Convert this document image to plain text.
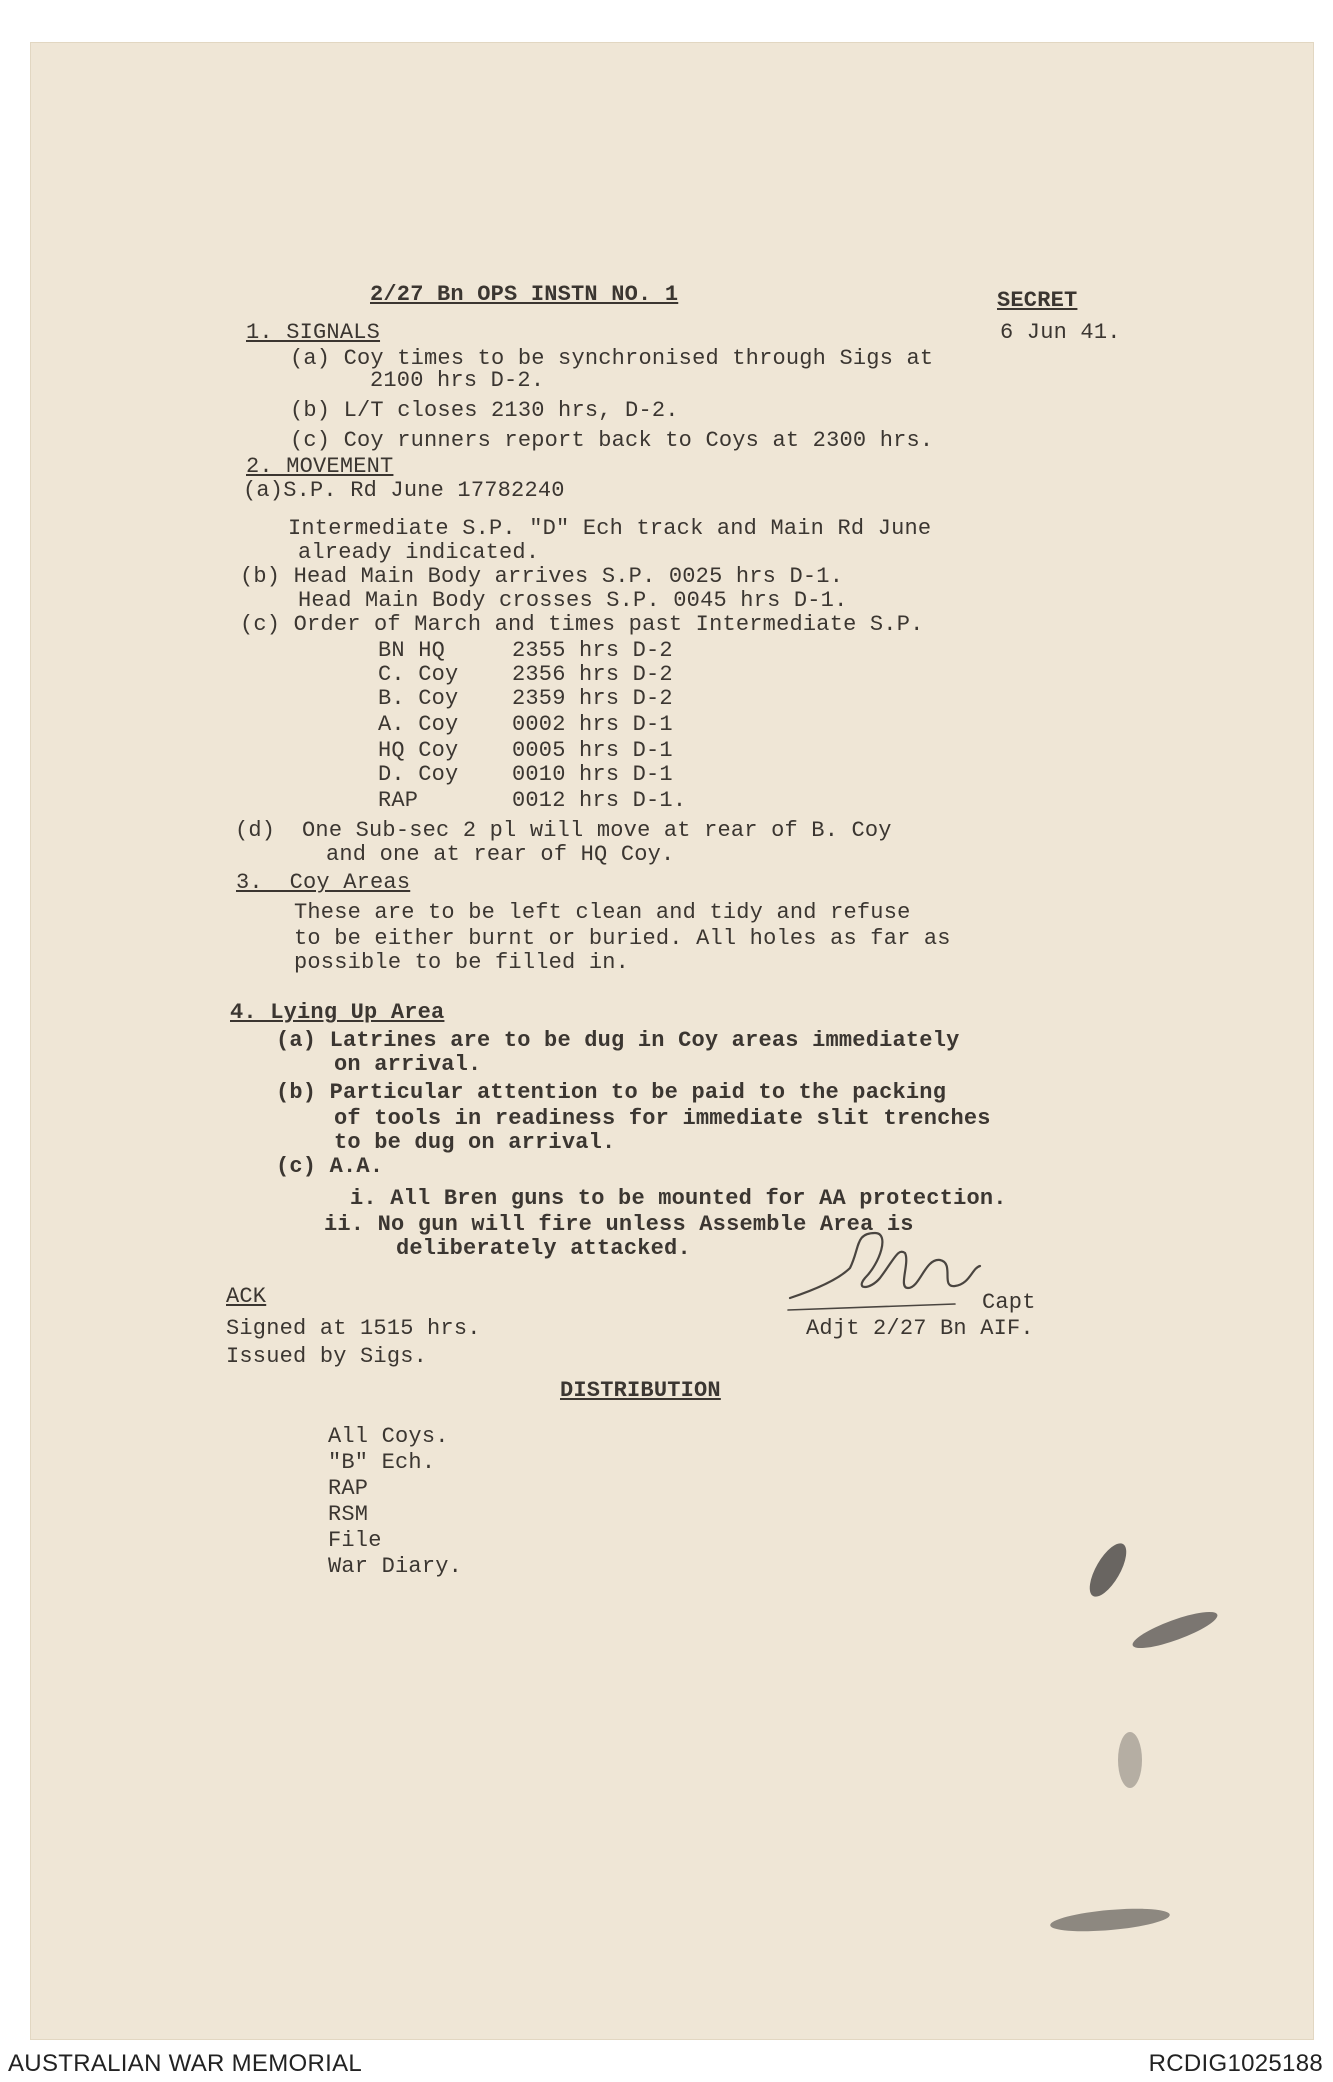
2/27 Bn OPS INSTN NO. 1	SECRET
6 Jun 41.
1. SIGNALS
(a) Coy times to be synchronised through Sigs at
2100 hrs D-2.
(b) L/T closes 2130 hrs, D-2.
(c) Coy runners report back to Coys at 2300 hrs.
2. MOVEMENT
(a)S.P. Rd June 17782240
Intermediate S.P. "D" Ech track and Main Rd June
already indicated.
(b) Head Main Body arrives S.P. 0025 hrs D-1.
Head Main Body crosses S.P. 0045 hrs D-1.
(c) Order of March and times past Intermediate S.P.
BN HQ	2355 hrs D-2
C. Coy 2356 hrs D-2
B. Coy 2359 hrs D-2
A. Coy 0002 hrs D-1
HQ Coy 0005 hrs D-1
D. Coy 0010 hrs D-1
RAP	0012 hrs D-1.
(d)  One Sub-sec 2 pl will move at rear of B. Coy
and one at rear of HQ Coy.
3.  Coy Areas
These are to be left clean and tidy and refuse
to be either burnt or buried. All holes as far as
possible to be filled in.
4. Lying Up Area
(a) Latrines are to be dug in Coy areas immediately
on arrival.
(b) Particular attention to be paid to the packing
of tools in readiness for immediate slit trenches
to be dug on arrival.
(c) A.A.
i. All Bren guns to be mounted for AA protection.
ii. No gun will fire unless Assemble Area is
deliberately attacked.
Capt
Adjt 2/27 Bn AIF.
ACK
Signed at 1515 hrs.
Issued by Sigs.
DISTRIBUTION
All Coys.
"B" Ech.
RAP
RSM
File
War Diary.
AUSTRALIAN WAR MEMORIAL	RCDIG1025188
